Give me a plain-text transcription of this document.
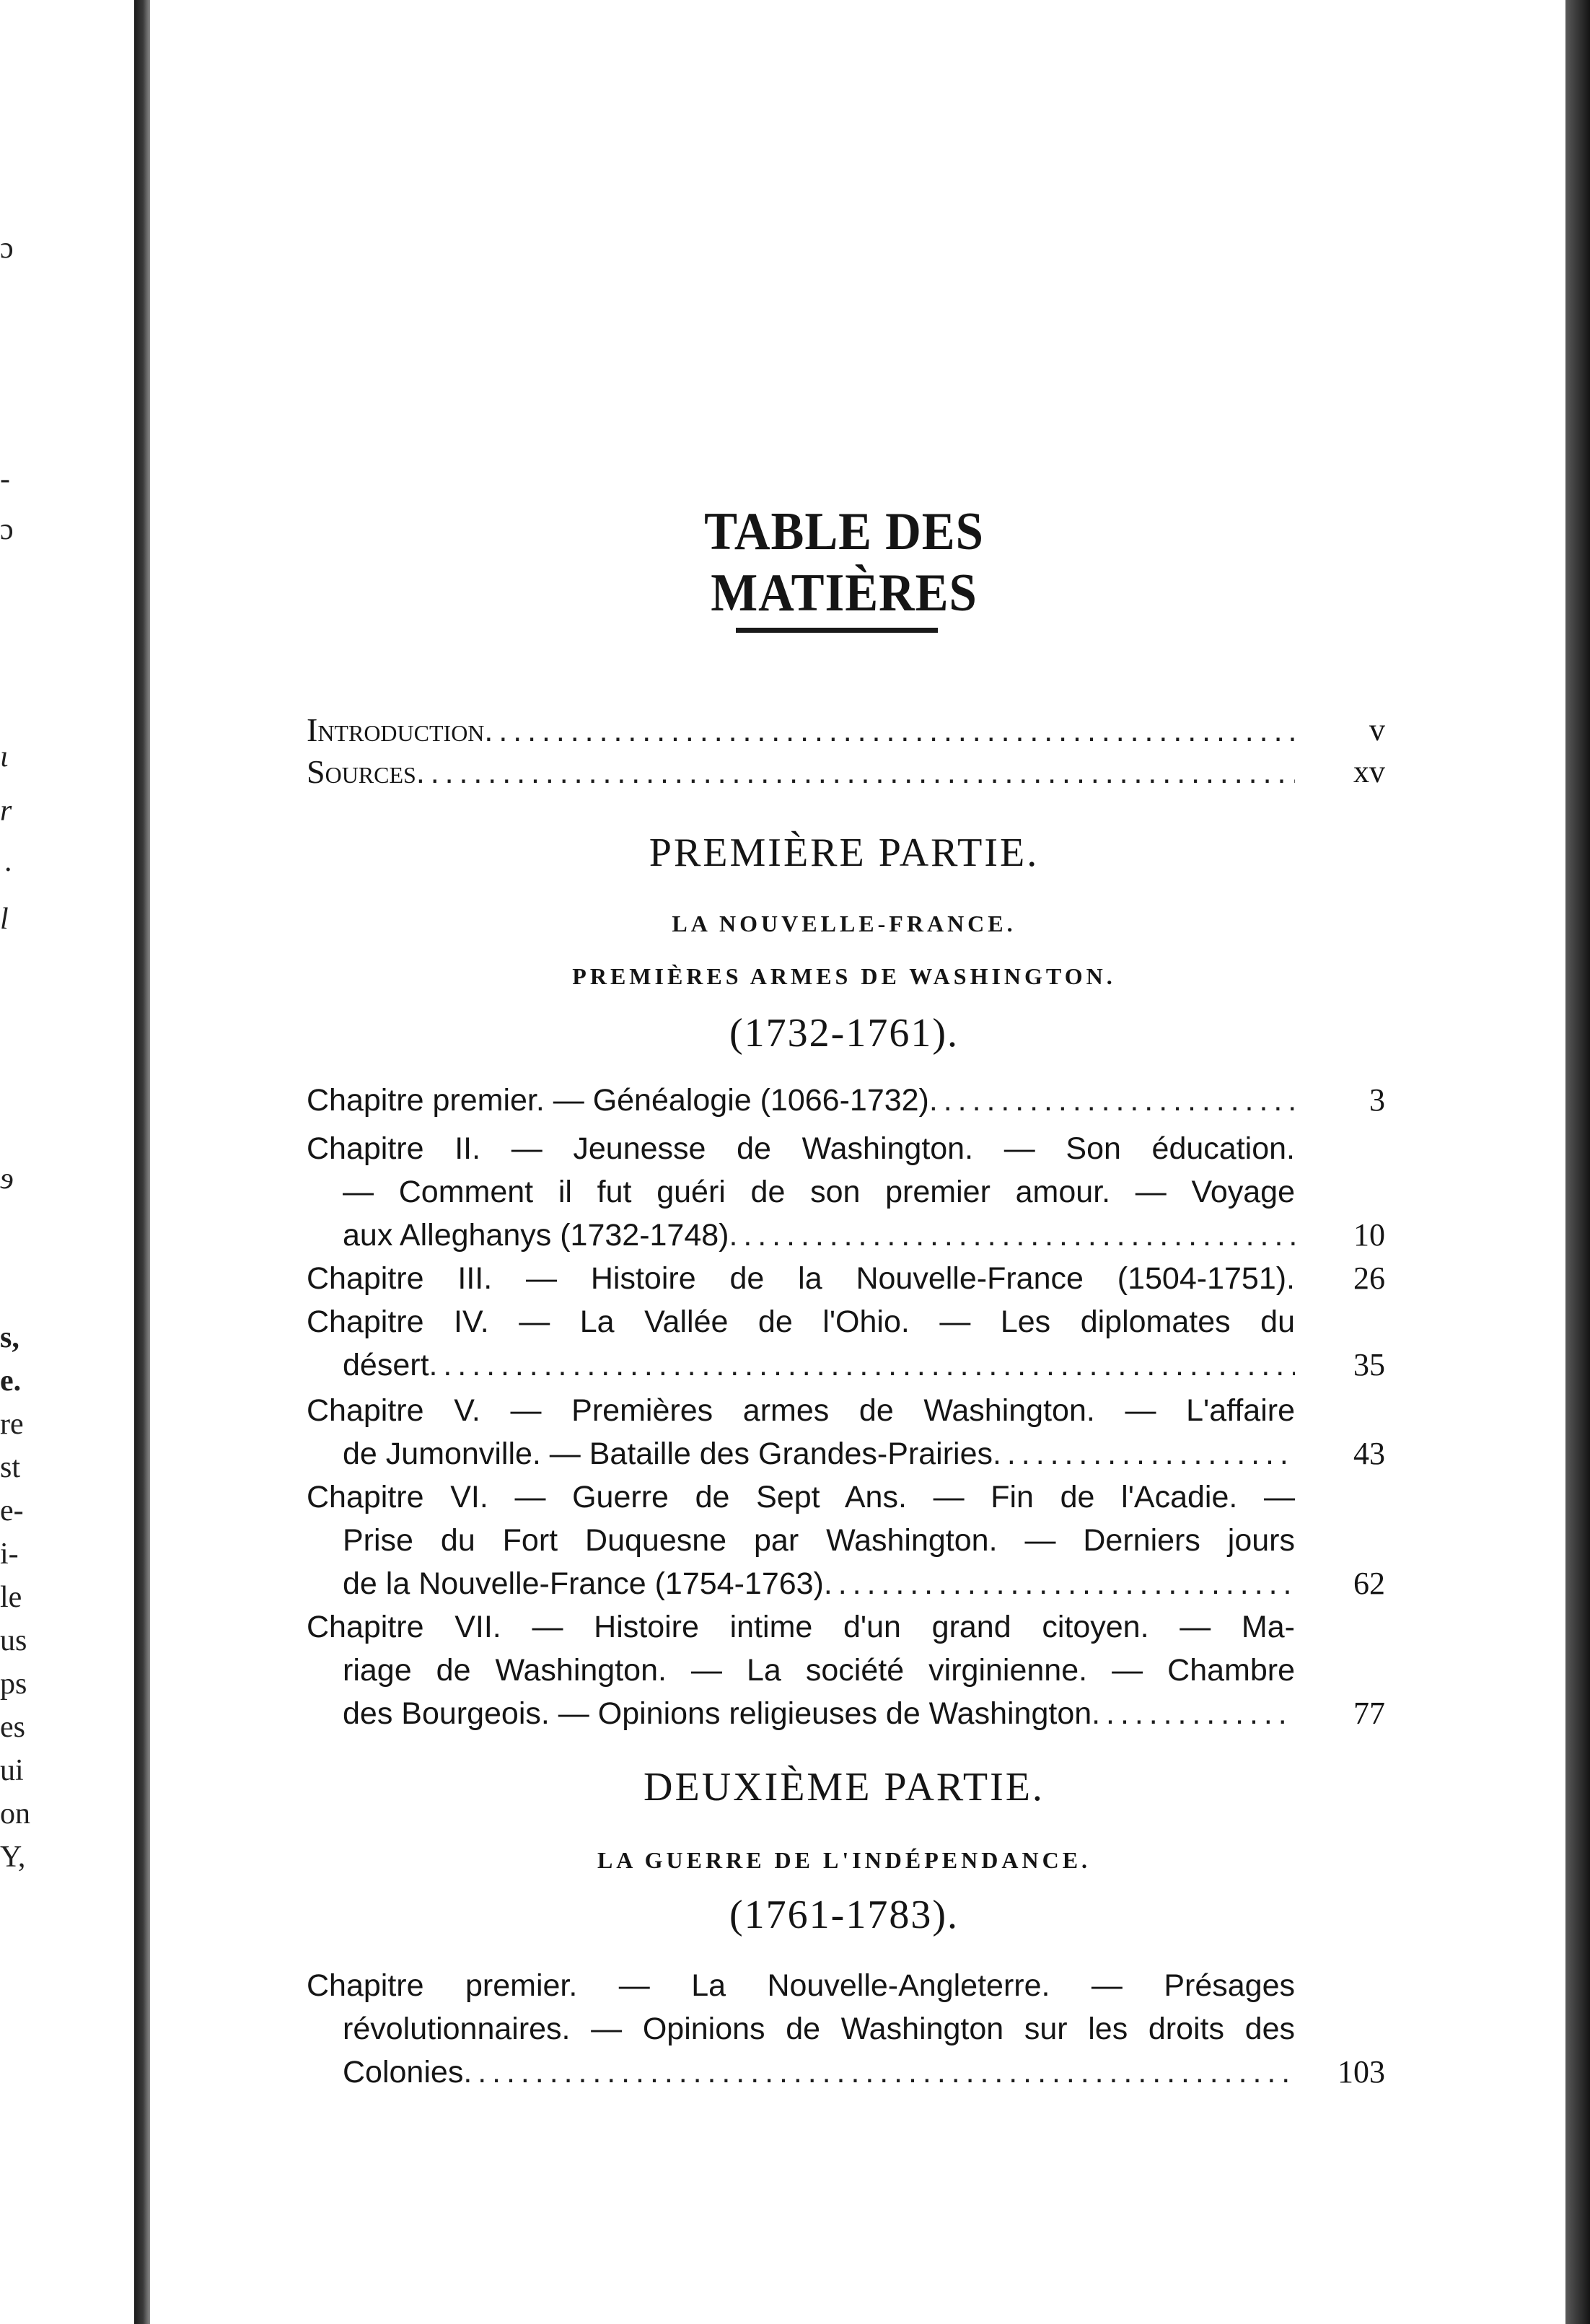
ɔ
-
ɔ
ι
r
.
l
ɘ
s,
e.
re
st
e-
i-
le
us
ps
es
ui
on
Y,
TABLE DES MATIÈRES
Introduction . . .	v
Sources . . .	xv
PREMIÈRE PARTIE.
LA NOUVELLE-FRANCE.
PREMIÈRES ARMES DE WASHINGTON.
(1732-1761).
Chapitre premier. — Généalogie (1066-1732) . . .	3
Chapitre II. — Jeunesse de Washington. — Son éducation.
— Comment il fut guéri de son premier amour. — Voyage
aux Alleghanys (1732-1748) . . .	10
Chapitre III. — Histoire de la Nouvelle-France (1504-1751).	26
Chapitre IV. — La Vallée de l'Ohio. — Les diplomates du
désert . . .	35
Chapitre V. — Premières armes de Washington. — L'affaire
de Jumonville. — Bataille des Grandes-Prairies . . .	43
Chapitre VI. — Guerre de Sept Ans. — Fin de l'Acadie. —
Prise du Fort Duquesne par Washington. — Derniers jours
de la Nouvelle-France (1754-1763) . . .	62
Chapitre VII. — Histoire intime d'un grand citoyen. — Ma-
riage de Washington. — La société virginienne. — Chambre
des Bourgeois. — Opinions religieuses de Washington . . .	77
DEUXIÈME PARTIE.
LA GUERRE DE L'INDÉPENDANCE.
(1761-1783).
Chapitre premier. — La Nouvelle-Angleterre. — Présages
révolutionnaires. — Opinions de Washington sur les droits des
Colonies . . .	103
